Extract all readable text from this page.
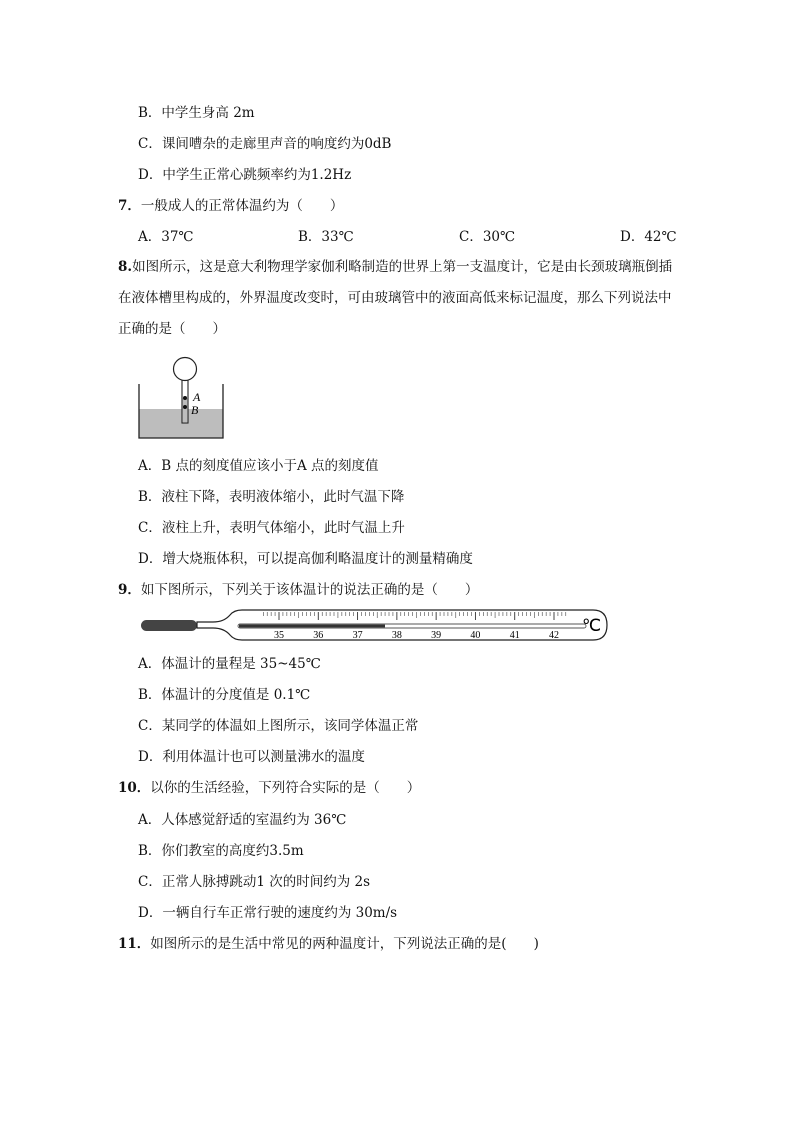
B．中学生身高 2m
C．课间嘈杂的走廊里声音的响度约为0dB
D．中学生正常心跳频率约为1.2Hz
7．一般成人的正常体温约为（　　）
A．37℃	B．33℃	C．30℃	D．42℃
8.如图所示，这是意大利物理学家伽利略制造的世界上第一支温度计，它是由长颈玻璃瓶倒插在液体槽里构成的，外界温度改变时，可由玻璃管中的液面高低来标记温度，那么下列说法中正确的是（　　）
A
B
A．B 点的刻度值应该小于A 点的刻度值
B．液柱下降，表明液体缩小，此时气温下降
C．液柱上升，表明气体缩小，此时气温上升
D．增大烧瓶体积，可以提高伽利略温度计的测量精确度
9．如下图所示，下列关于该体温计的说法正确的是（　　）
35	36	37	38	39	40	41	42
℃
A．体温计的量程是 35~45℃
B．体温计的分度值是 0.1℃
C．某同学的体温如上图所示，该同学体温正常
D．利用体温计也可以测量沸水的温度
10．以你的生活经验，下列符合实际的是（　　）
A．人体感觉舒适的室温约为 36℃
B．你们教室的高度约3.5m
C．正常人脉搏跳动1 次的时间约为 2s
D．一辆自行车正常行驶的速度约为 30m/s
11．如图所示的是生活中常见的两种温度计，下列说法正确的是(　　)
